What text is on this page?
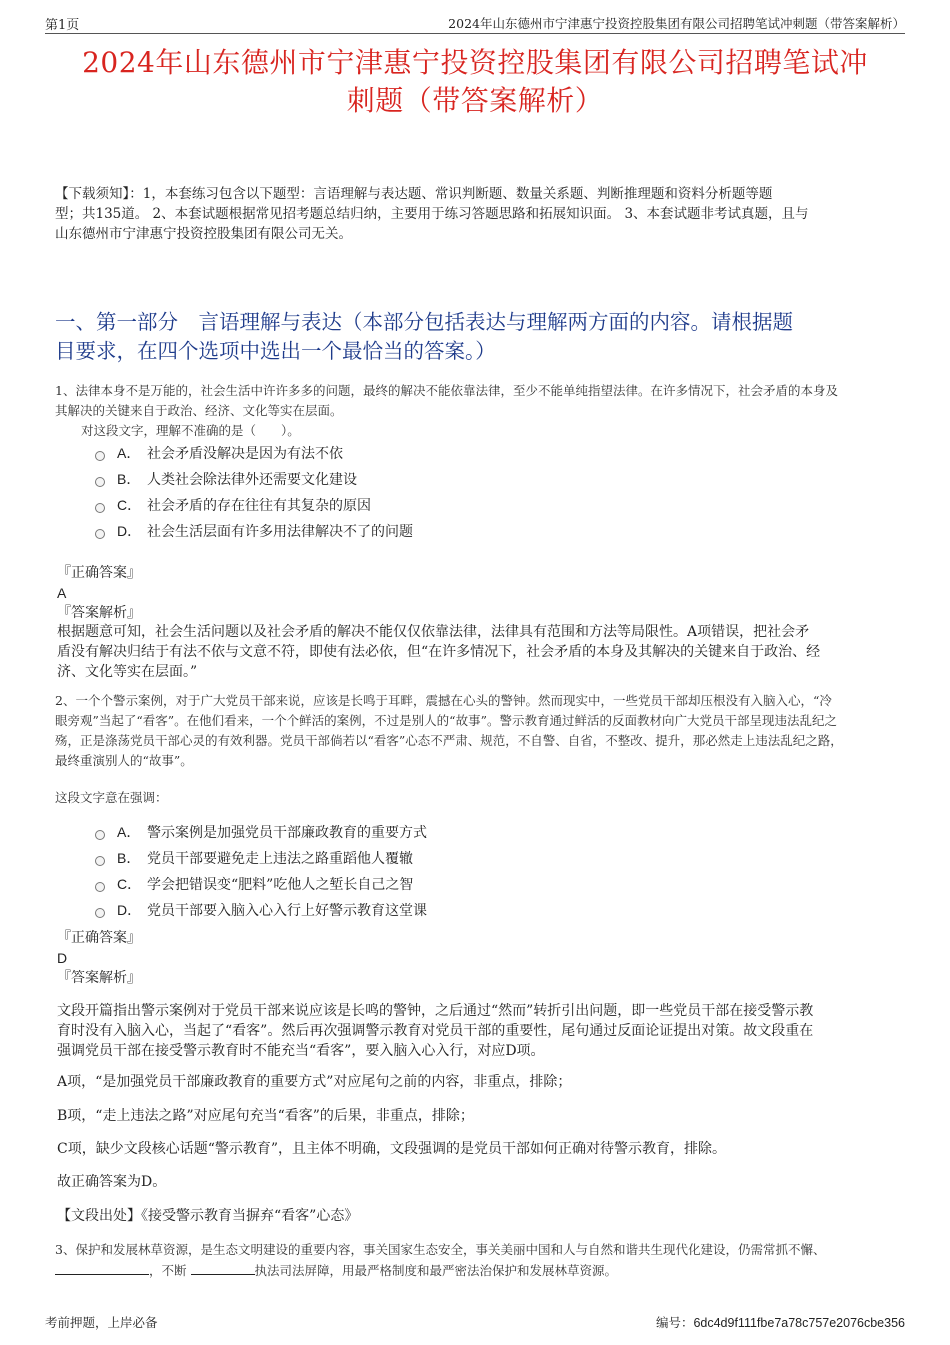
第1页	2024年山东德州市宁津惠宁投资控股集团有限公司招聘笔试冲刺题（带答案解析）
2024年山东德州市宁津惠宁投资控股集团有限公司招聘笔试冲
刺题（带答案解析）
【下载须知】：1，本套练习包含以下题型：言语理解与表达题、常识判断题、数量关系题、判断推理题和资料分析题等题
型；共135道。 2、本套试题根据常见招考题总结归纳，主要用于练习答题思路和拓展知识面。 3、本套试题非考试真题，且与
山东德州市宁津惠宁投资控股集团有限公司无关。
一、第一部分　言语理解与表达（本部分包括表达与理解两方面的内容。请根据题
目要求，在四个选项中选出一个最恰当的答案。）
1、法律本身不是万能的，社会生活中许许多多的问题，最终的解决不能依靠法律，至少不能单纯指望法律。在许多情况下，社会矛盾的本身及
其解决的关键来自于政治、经济、文化等实在层面。
对这段文字，理解不准确的是（　　）。
A． 社会矛盾没解决是因为有法不依
B． 人类社会除法律外还需要文化建设
C． 社会矛盾的存在往往有其复杂的原因
D． 社会生活层面有许多用法律解决不了的问题
『正确答案』
A
『答案解析』
根据题意可知，社会生活问题以及社会矛盾的解决不能仅仅依靠法律，法律具有范围和方法等局限性。A项错误，把社会矛
盾没有解决归结于有法不依与文意不符，即使有法必依，但“在许多情况下，社会矛盾的本身及其解决的关键来自于政治、经
济、文化等实在层面。”
2、一个个警示案例，对于广大党员干部来说，应该是长鸣于耳畔，震撼在心头的警钟。然而现实中，一些党员干部却压根没有入脑入心，“冷
眼旁观”当起了“看客”。在他们看来，一个个鲜活的案例，不过是别人的“故事”。警示教育通过鲜活的反面教材向广大党员干部呈现违法乱纪之
殇，正是涤荡党员干部心灵的有效利器。党员干部倘若以“看客”心态不严肃、规范，不自警、自省，不整改、提升，那必然走上违法乱纪之路，
最终重演别人的“故事”。
这段文字意在强调：
A． 警示案例是加强党员干部廉政教育的重要方式
B． 党员干部要避免走上违法之路重蹈他人覆辙
C． 学会把错误变“肥料”吃他人之堑长自己之智
D． 党员干部要入脑入心入行上好警示教育这堂课
『正确答案』
D
『答案解析』
文段开篇指出警示案例对于党员干部来说应该是长鸣的警钟，之后通过“然而”转折引出问题，即一些党员干部在接受警示教
育时没有入脑入心，当起了“看客”。然后再次强调警示教育对党员干部的重要性，尾句通过反面论证提出对策。故文段重在
强调党员干部在接受警示教育时不能充当“看客”，要入脑入心入行，对应D项。
A项，“是加强党员干部廉政教育的重要方式”对应尾句之前的内容，非重点，排除；
B项，“走上违法之路”对应尾句充当“看客”的后果，非重点，排除；
C项，缺少文段核心话题“警示教育”，且主体不明确，文段强调的是党员干部如何正确对待警示教育，排除。
故正确答案为D。
【文段出处】《接受警示教育当摒弃“看客”心态》
3、保护和发展林草资源，是生态文明建设的重要内容，事关国家生态安全，事关美丽中国和人与自然和谐共生现代化建设，仍需常抓不懈、
，不断	执法司法屏障，用最严格制度和最严密法治保护和发展林草资源。
考前押题，上岸必备	编号：6dc4d9f111fbe7a78c757e2076cbe356
